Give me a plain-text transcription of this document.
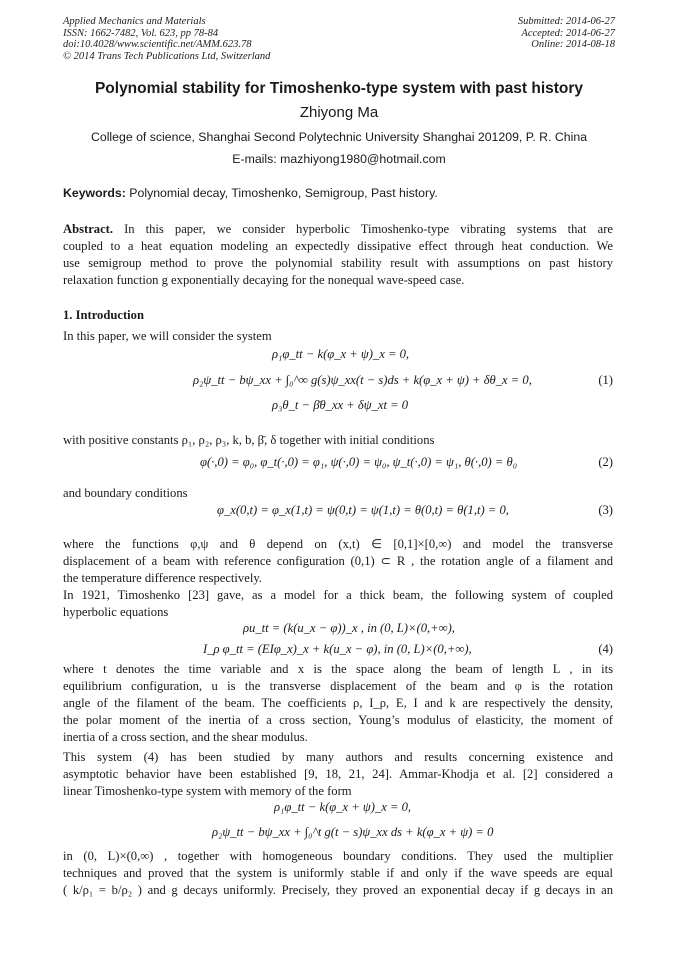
Applied Mechanics and Materials
ISSN: 1662-7482, Vol. 623, pp 78-84
doi:10.4028/www.scientific.net/AMM.623.78
© 2014 Trans Tech Publications Ltd, Switzerland
Submitted: 2014-06-27
Accepted: 2014-06-27
Online: 2014-08-18
Polynomial stability for Timoshenko-type system with past history
Zhiyong Ma
College of science, Shanghai Second Polytechnic University Shanghai 201209, P. R. China
E-mails: mazhiyong1980@hotmail.com
Keywords: Polynomial decay, Timoshenko, Semigroup, Past history.
Abstract. In this paper, we consider hyperbolic Timoshenko-type vibrating systems that are
coupled to a heat equation modeling an expectedly dissipative effect through heat conduction. We
use semigroup method to prove the polynomial stability result with assumptions on past history
relaxation function g exponentially decaying for the nonequal wave-speed case.
1. Introduction
In this paper, we will consider the system
ρ₁φ_tt − k(φ_x + ψ)_x = 0,
ρ₂ψ_tt − bψ_xx + ∫₀^∞ g(s)ψ_xx(t − s)ds + k(φ_x + ψ) + δθ_x = 0,
ρ₃θ_t − β̄θ_xx + δψ_xt = 0
(1)
with positive constants ρ₁, ρ₂, ρ₃, k, b, β̄, δ together with initial conditions
φ(·,0) = φ₀, φ_t(·,0) = φ₁, ψ(·,0) = ψ₀, ψ_t(·,0) = ψ₁, θ(·,0) = θ₀	(2)
and boundary conditions
φ_x(0,t) = φ_x(1,t) = ψ(0,t) = ψ(1,t) = θ(0,t) = θ(1,t) = 0,	(3)
where the functions φ,ψ and θ depend on (x,t) ∈ [0,1]×[0,∞) and model the transverse
displacement of a beam with reference configuration (0,1) ⊂ R , the rotation angle of a filament and
the temperature difference respectively.
In 1921, Timoshenko [23] gave, as a model for a thick beam, the following system of coupled
hyperbolic equations
ρu_tt = (k(u_x − φ))_x , in (0, L)×(0,+∞),
I_ρ φ_tt = (EIφ_x)_x + k(u_x − φ), in (0, L)×(0,+∞),	(4)
where t denotes the time variable and x is the space along the beam of length L , in its
equilibrium configuration, u is the transverse displacement of the beam and φ is the rotation
angle of the filament of the beam. The coefficients ρ, I_ρ, E, I and k are respectively the density,
the polar moment of the inertia of a cross section, Young’s modulus of elasticity, the moment of
inertia of a cross section, and the shear modulus.
This system (4) has been studied by many authors and results concerning existence and
asymptotic behavior have been established [9, 18, 21, 24]. Ammar-Khodja et al. [2] considered a
linear Timoshenko-type system with memory of the form
ρ₁φ_tt − k(φ_x + ψ)_x = 0,
ρ₂ψ_tt − bψ_xx + ∫₀^t g(t − s)ψ_xx ds + k(φ_x + ψ) = 0
in (0, L)×(0,∞) , together with homogeneous boundary conditions. They used the multiplier
techniques and proved that the system is uniformly stable if and only if the wave speeds are equal
( k/ρ₁ = b/ρ₂ ) and g decays uniformly. Precisely, they proved an exponential decay if g decays in an
